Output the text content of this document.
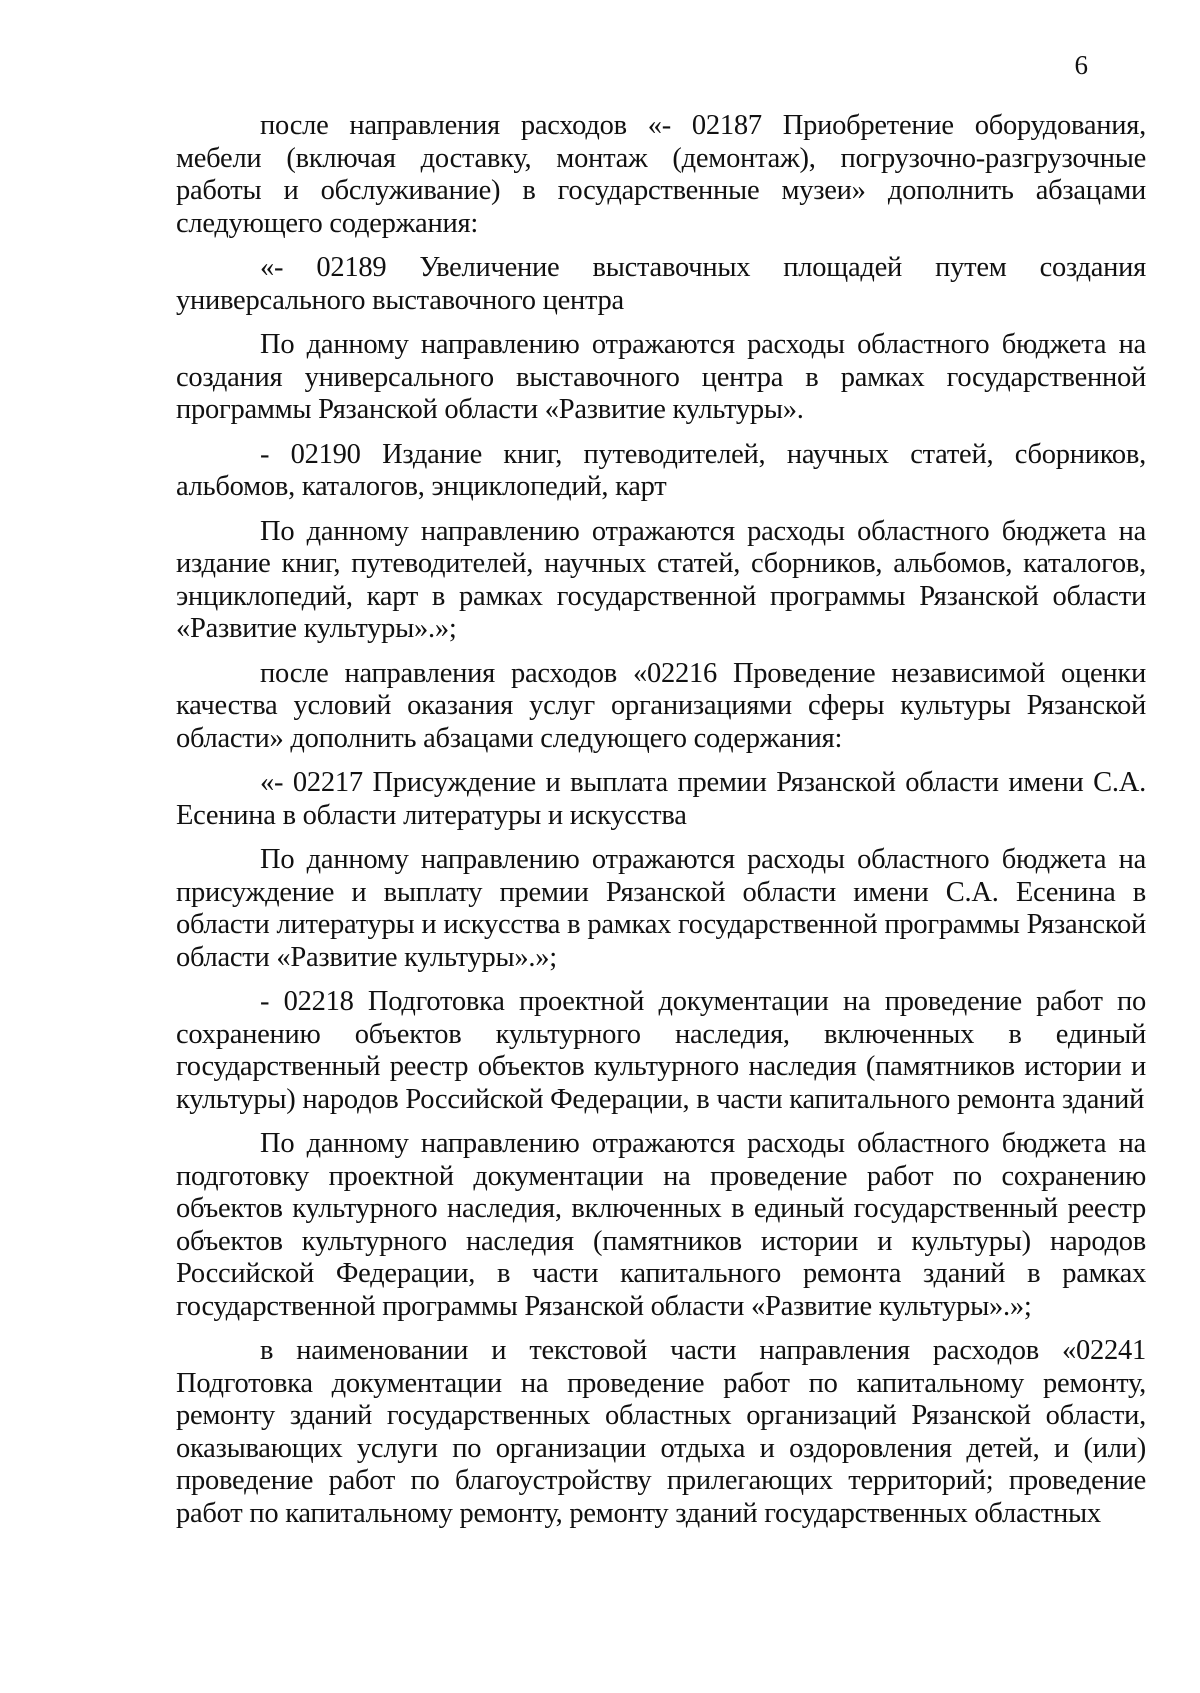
6

после направления расходов «- 02187 Приобретение оборудования, мебели (включая доставку, монтаж (демонтаж), погрузочно-разгрузочные работы и обслуживание) в государственные музеи» дополнить абзацами следующего содержания:

«- 02189 Увеличение выставочных площадей путем создания универсального выставочного центра

По данному направлению отражаются расходы областного бюджета на создания универсального выставочного центра в рамках государственной программы Рязанской области «Развитие культуры».

- 02190 Издание книг, путеводителей, научных статей, сборников, альбомов, каталогов, энциклопедий, карт

По данному направлению отражаются расходы областного бюджета на издание книг, путеводителей, научных статей, сборников, альбомов, каталогов, энциклопедий, карт в рамках государственной программы Рязанской области «Развитие культуры».»;

после направления расходов «02216 Проведение независимой оценки качества условий оказания услуг организациями сферы культуры Рязанской области» дополнить абзацами следующего содержания:

«- 02217 Присуждение и выплата премии Рязанской области имени С.А. Есенина в области литературы и искусства

По данному направлению отражаются расходы областного бюджета на присуждение и выплату премии Рязанской области имени С.А. Есенина в области литературы и искусства в рамках государственной программы Рязанской области «Развитие культуры».»;

- 02218 Подготовка проектной документации на проведение работ по сохранению объектов культурного наследия, включенных в единый государственный реестр объектов культурного наследия (памятников истории и культуры) народов Российской Федерации, в части капитального ремонта зданий

По данному направлению отражаются расходы областного бюджета на подготовку проектной документации на проведение работ по сохранению объектов культурного наследия, включенных в единый государственный реестр объектов культурного наследия (памятников истории и культуры) народов Российской Федерации, в части капитального ремонта зданий в рамках государственной программы Рязанской области «Развитие культуры».»;

в наименовании и текстовой части направления расходов «02241 Подготовка документации на проведение работ по капитальному ремонту, ремонту зданий государственных областных организаций Рязанской области, оказывающих услуги по организации отдыха и оздоровления детей, и (или) проведение работ по благоустройству прилегающих территорий; проведение работ по капитальному ремонту, ремонту зданий государственных областных
